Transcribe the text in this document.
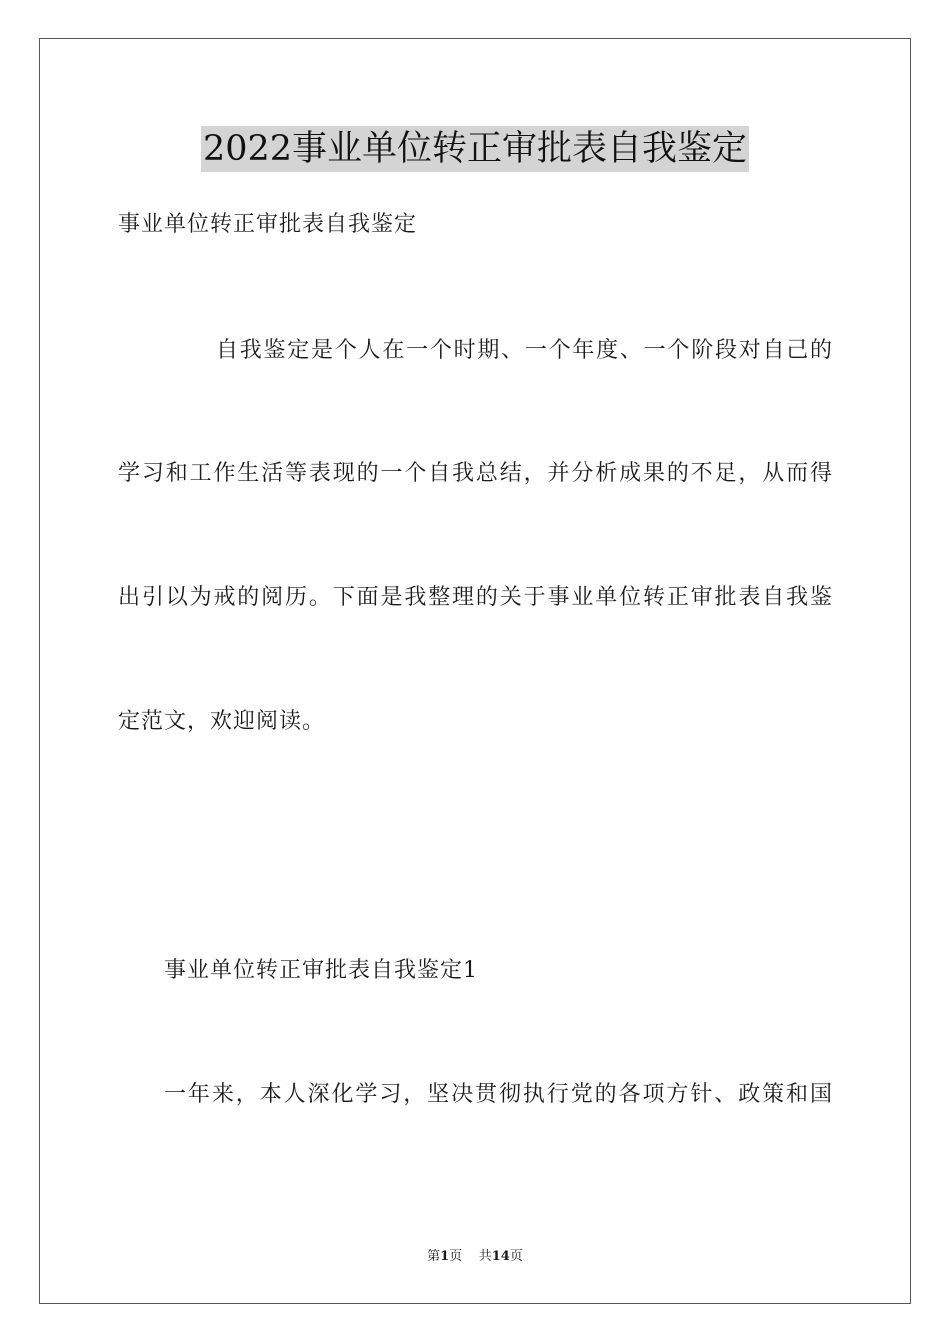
2022事业单位转正审批表自我鉴定
事业单位转正审批表自我鉴定
自我鉴定是个人在一个时期、一个年度、一个阶段对自己的
学习和工作生活等表现的一个自我总结，并分析成果的不足，从而得
出引以为戒的阅历。下面是我整理的关于事业单位转正审批表自我鉴
定范文，欢迎阅读。
事业单位转正审批表自我鉴定1
一年来，本人深化学习，坚决贯彻执行党的各项方针、政策和国
第1页 共14页
